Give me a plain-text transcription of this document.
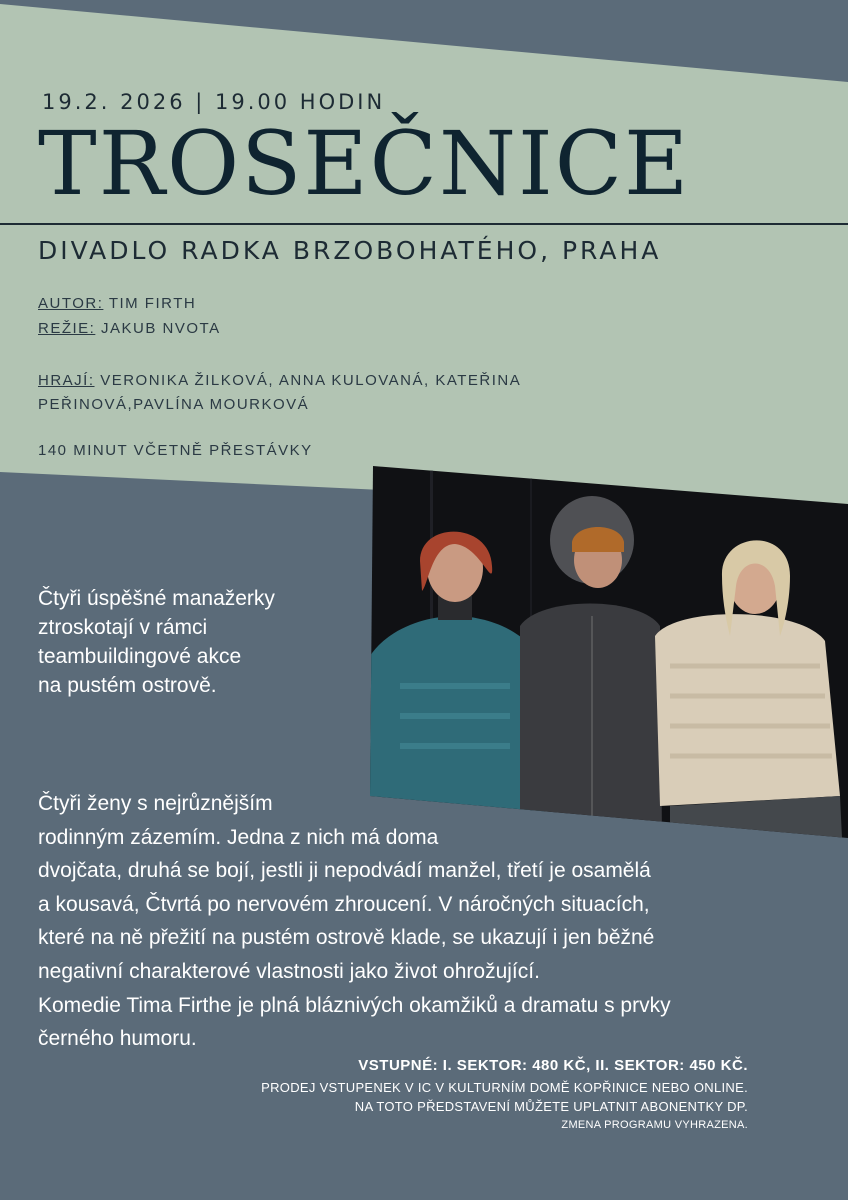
19.2. 2026 | 19.00 HODIN
TROSEČNICE
DIVADLO RADKA BRZOBOHATÉHO, PRAHA
AUTOR: TIM FIRTH
REŽIE: JAKUB NVOTA
HRAJÍ: VERONIKA ŽILKOVÁ, ANNA KULOVANÁ, KATEŘINA PEŘINOVÁ,PAVLÍNA MOURKOVÁ
140 MINUT VČETNĚ PŘESTÁVKY
Čtyři úspěšné manažerky
ztroskotají v rámci
teambuildingové akce
na pustém ostrově.
Čtyři ženy s nejrůznějším
rodinným zázemím. Jedna z nich má doma
dvojčata, druhá se bojí, jestli ji nepodvádí manžel, třetí je osamělá
a kousavá, Čtvrtá po nervovém zhroucení. V náročných situacích,
které na ně přežití na pustém ostrově klade, se ukazují i jen běžné
negativní charakterové vlastnosti jako život ohrožující.
Komedie Tima Firthe je plná bláznivých okamžiků a dramatu s prvky
černého humoru.
VSTUPNÉ: I. SEKTOR: 480 KČ, II. SEKTOR: 450 KČ.
PRODEJ VSTUPENEK V IC V KULTURNÍM DOMĚ KOPŘINICE NEBO ONLINE.
NA TOTO PŘEDSTAVENÍ MŮŽETE UPLATNIT ABONENTKY DP.
ZMENA PROGRAMU VYHRAZENA.
